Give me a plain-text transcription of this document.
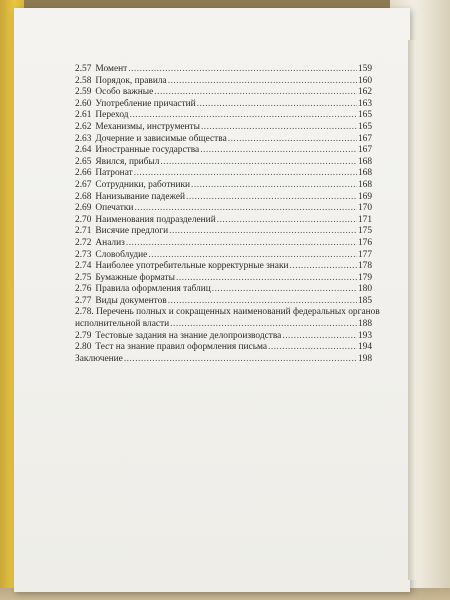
2.57 Момент .....	159
2.58 Порядок, правила .....	160
2.59 Особо важные .....	162
2.60 Употребление причастий .....	163
2.61 Переход .....	165
2.62 Механизмы, инструменты .....	165
2.63 Дочерние и зависимые общества .....	167
2.64 Иностранные государства .....	167
2.65 Явился, прибыл .....	168
2.66 Патронат .....	168
2.67 Сотрудники, работники .....	168
2.68 Нанизывание падежей .....	169
2.69 Опечатки .....	170
2.70 Наименования подразделений .....	171
2.71 Висячие предлоги .....	175
2.72 Анализ .....	176
2.73 Словоблудие .....	177
2.74 Наиболее употребительные корректурные знаки .....	178
2.75 Бумажные форматы .....	179
2.76 Правила оформления таблиц .....	180
2.77 Виды документов .....	185
2.78. Перечень полных и сокращенных наименований федеральных органов
исполнительной власти .....	188
2.79 Тестовые задания на знание делопроизводства .....	193
2.80 Тест на знание правил оформления письма .....	194
Заключение .....	198
